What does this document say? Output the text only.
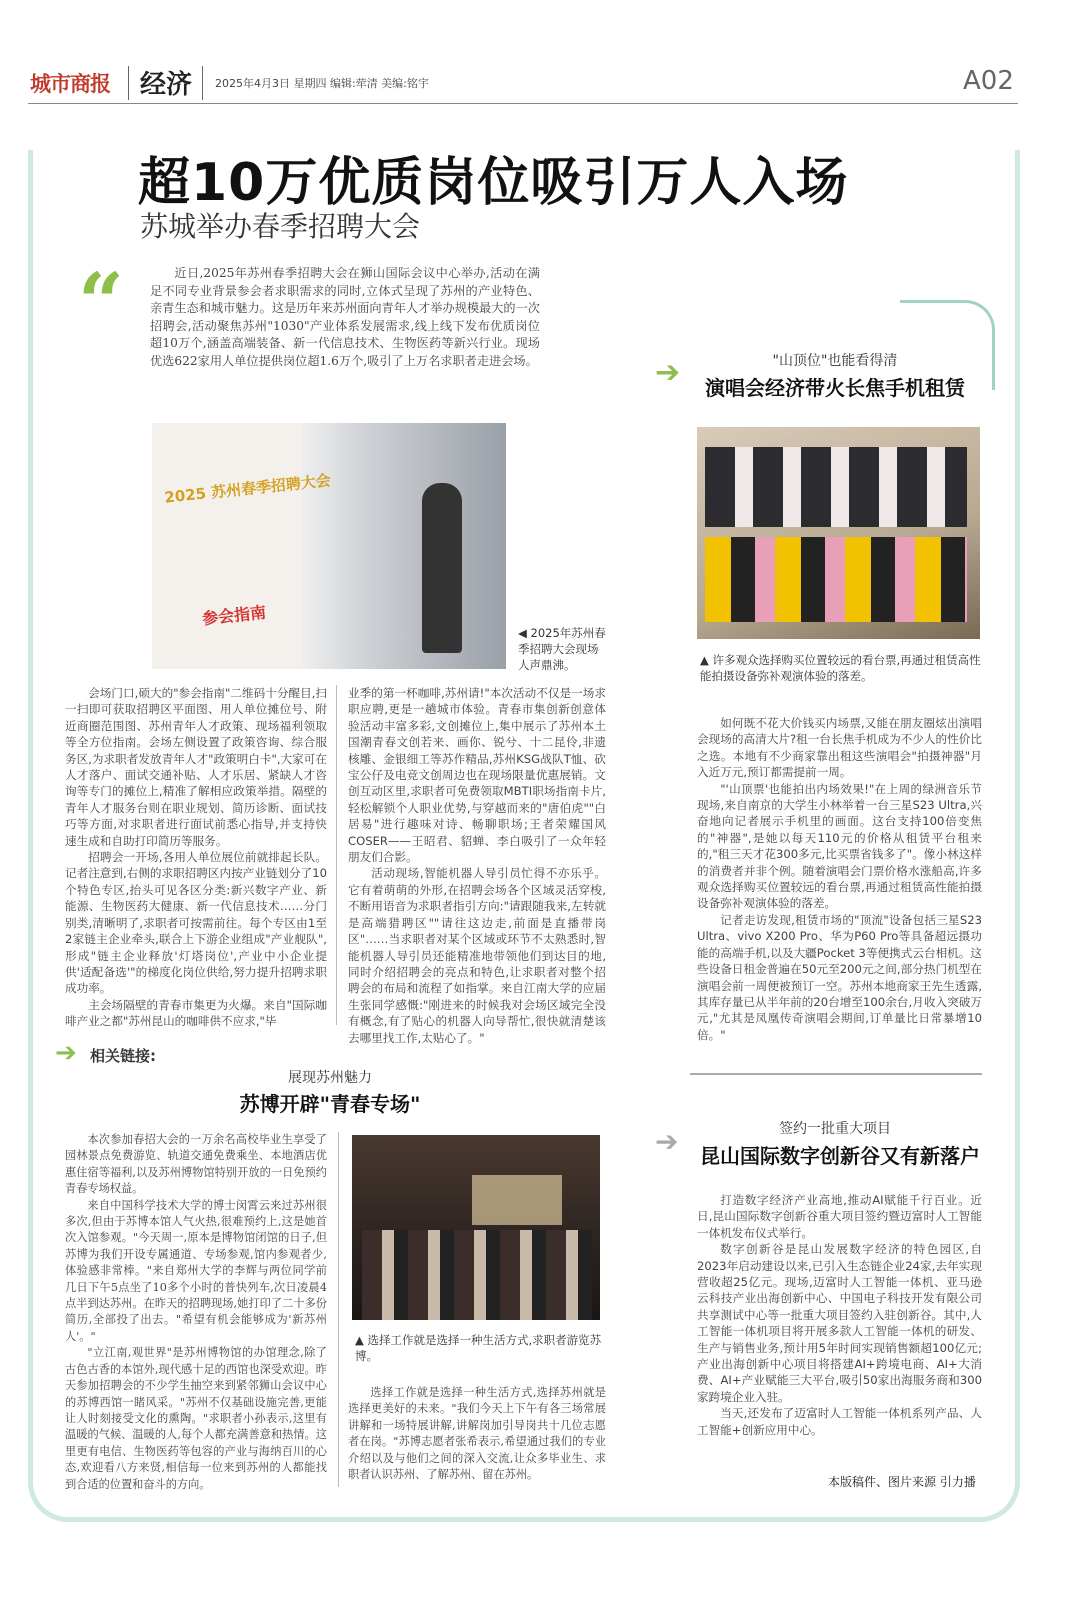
城市商报 经济 2025年4月3日 星期四 编辑:荦清 美编:铭宇	A02
超10万优质岗位吸引万人入场
苏城举办春季招聘大会
“	近日,2025年苏州春季招聘大会在狮山国际会议中心举办,活动在满足不同专业背景参会者求职需求的同时,立体式呈现了苏州的产业特色、亲青生态和城市魅力。这是历年来苏州面向青年人才举办规模最大的一次招聘会,活动聚焦苏州"1030"产业体系发展需求,线上线下发布优质岗位超10万个,涵盖高端装备、新一代信息技术、生物医药等新兴行业。现场优选622家用人单位提供岗位超1.6万个,吸引了上万名求职者走进会场。

2025 苏州春季招聘大会
参会指南
◀ 2025年苏州春季招聘大会现场人声鼎沸。

会场门口,硕大的"参会指南"二维码十分醒目,扫一扫即可获取招聘区平面图、用人单位摊位号、附近商圈范围图、苏州青年人才政策、现场福利领取等全方位指南。会场左侧设置了政策咨询、综合服务区,为求职者发放青年人才"政策明白卡",大家可在人才落户、面试交通补贴、人才乐居、紧缺人才咨询等专门的摊位上,精准了解相应政策举措。隔壁的青年人才服务台则在职业规划、简历诊断、面试技巧等方面,对求职者进行面试前悉心指导,并支持快速生成和自助打印简历等服务。

招聘会一开场,各用人单位展位前就排起长队。记者注意到,右侧的求职招聘区内按产业链划分了10个特色专区,抬头可见各区分类:新兴数字产业、新能源、生物医药大健康、新一代信息技术……分门别类,清晰明了,求职者可按需前往。每个专区由1至2家链主企业牵头,联合上下游企业组成"产业舰队",形成"链主企业释放'灯塔岗位',产业中小企业提供'适配备选'"的梯度化岗位供给,努力提升招聘求职成功率。

主会场隔壁的青春市集更为火爆。来自"国际咖啡产业之都"苏州昆山的咖啡供不应求,"毕

业季的第一杯咖啡,苏州请!"本次活动不仅是一场求职应聘,更是一趟城市体验。青春市集创新创意体验活动丰富多彩,文创摊位上,集中展示了苏州本土国潮青春文创若来、画你、锐兮、十二昆伶,非遗核雕、金银细工等苏作精品,苏州KSG战队T恤、砍宝公仔及电竞文创周边也在现场限量优惠展销。文创互动区里,求职者可免费领取MBTI职场指南卡片,轻松解锁个人职业优势,与穿越而来的"唐伯虎""白居易"进行趣味对诗、畅聊职场;王者荣耀国风COSER——王昭君、貂蝉、李白吸引了一众年轻朋友们合影。

活动现场,智能机器人导引员忙得不亦乐乎。它有着萌萌的外形,在招聘会场各个区域灵活穿梭,不断用语音为求职者指引方向:"请跟随我来,左转就是高端猎聘区""请往这边走,前面是直播带岗区"……当求职者对某个区域或环节不太熟悉时,智能机器人导引员还能精准地带领他们到达目的地,同时介绍招聘会的亮点和特色,让求职者对整个招聘会的布局和流程了如指掌。来自江南大学的应届生张同学感慨:"刚进来的时候我对会场区域完全没有概念,有了贴心的机器人向导帮忙,很快就清楚该去哪里找工作,太贴心了。"

➔	"山顶位"也能看得清
演唱会经济带火长焦手机租赁
▲ 许多观众选择购买位置较远的看台票,再通过租赁高性能拍摄设备弥补观演体验的落差。

如何既不花大价钱买内场票,又能在朋友圈炫出演唱会现场的高清大片?租一台长焦手机成为不少人的性价比之选。本地有不少商家靠出租这些演唱会"拍摄神器"月入近万元,预订都需提前一周。

"'山顶票'也能拍出内场效果!"在上周的绿洲音乐节现场,来自南京的大学生小林举着一台三星S23 Ultra,兴奋地向记者展示手机里的画面。这台支持100倍变焦的"神器",是她以每天110元的价格从租赁平台租来的,"租三天才花300多元,比买票省钱多了"。像小林这样的消费者并非个例。随着演唱会门票价格水涨船高,许多观众选择购买位置较远的看台票,再通过租赁高性能拍摄设备弥补观演体验的落差。

记者走访发现,租赁市场的"顶流"设备包括三星S23 Ultra、vivo X200 Pro、华为P60 Pro等具备超远摄功能的高端手机,以及大疆Pocket 3等便携式云台相机。这些设备日租金普遍在50元至200元之间,部分热门机型在演唱会前一周便被预订一空。苏州本地商家王先生透露,其库存量已从半年前的20台增至100余台,月收入突破万元,"尤其是凤凰传奇演唱会期间,订单量比日常暴增10倍。"

➔ 相关链接:
展现苏州魅力
苏博开辟"青春专场"

本次参加春招大会的一万余名高校毕业生享受了园林景点免费游览、轨道交通免费乘坐、本地酒店优惠住宿等福利,以及苏州博物馆特别开放的一日免预约青春专场权益。

来自中国科学技术大学的博士闵霄云来过苏州很多次,但由于苏博本馆人气火热,很难预约上,这是她首次入馆参观。"今天周一,原本是博物馆闭馆的日子,但苏博为我们开设专属通道、专场参观,馆内参观者少,体验感非常棒。"来自郑州大学的李辉与两位同学前几日下午5点坐了10多个小时的普快列车,次日凌晨4点半到达苏州。在昨天的招聘现场,她打印了二十多份简历,全部投了出去。"希望有机会能够成为'新苏州人'。"

"立江南,观世界"是苏州博物馆的办馆理念,除了古色古香的本馆外,现代感十足的西馆也深受欢迎。昨天参加招聘会的不少学生抽空来到紧邻狮山会议中心的苏博西馆一睹风采。"苏州不仅基础设施完善,更能让人时刻接受文化的熏陶。"求职者小孙表示,这里有温暖的气候、温暖的人,每个人都充满善意和热情。这里更有电信、生物医药等包容的产业与海纳百川的心态,欢迎看八方来贤,相信每一位来到苏州的人都能找到合适的位置和奋斗的方向。

▲ 选择工作就是选择一种生活方式,求职者游览苏博。

选择工作就是选择一种生活方式,选择苏州就是选择更美好的未来。"我们今天上下午有各三场常展讲解和一场特展讲解,讲解岗加引导岗共十几位志愿者在岗。"苏博志愿者张希表示,希望通过我们的专业介绍以及与他们之间的深入交流,让众多毕业生、求职者认识苏州、了解苏州、留在苏州。

➔	签约一批重大项目
昆山国际数字创新谷又有新落户

打造数字经济产业高地,推动AI赋能千行百业。近日,昆山国际数字创新谷重大项目签约暨迈富时人工智能一体机发布仪式举行。

数字创新谷是昆山发展数字经济的特色园区,自2023年启动建设以来,已引入生态链企业24家,去年实现营收超25亿元。现场,迈富时人工智能一体机、亚马逊云科技产业出海创新中心、中国电子科技开发有限公司共享测试中心等一批重大项目签约入驻创新谷。其中,人工智能一体机项目将开展多款人工智能一体机的研发、生产与销售业务,预计用5年时间实现销售额超100亿元;产业出海创新中心项目将搭建AI+跨境电商、AI+大消费、AI+产业赋能三大平台,吸引50家出海服务商和300家跨境企业入驻。

当天,还发布了迈富时人工智能一体机系列产品、人工智能+创新应用中心。

本版稿件、图片来源 引力播
